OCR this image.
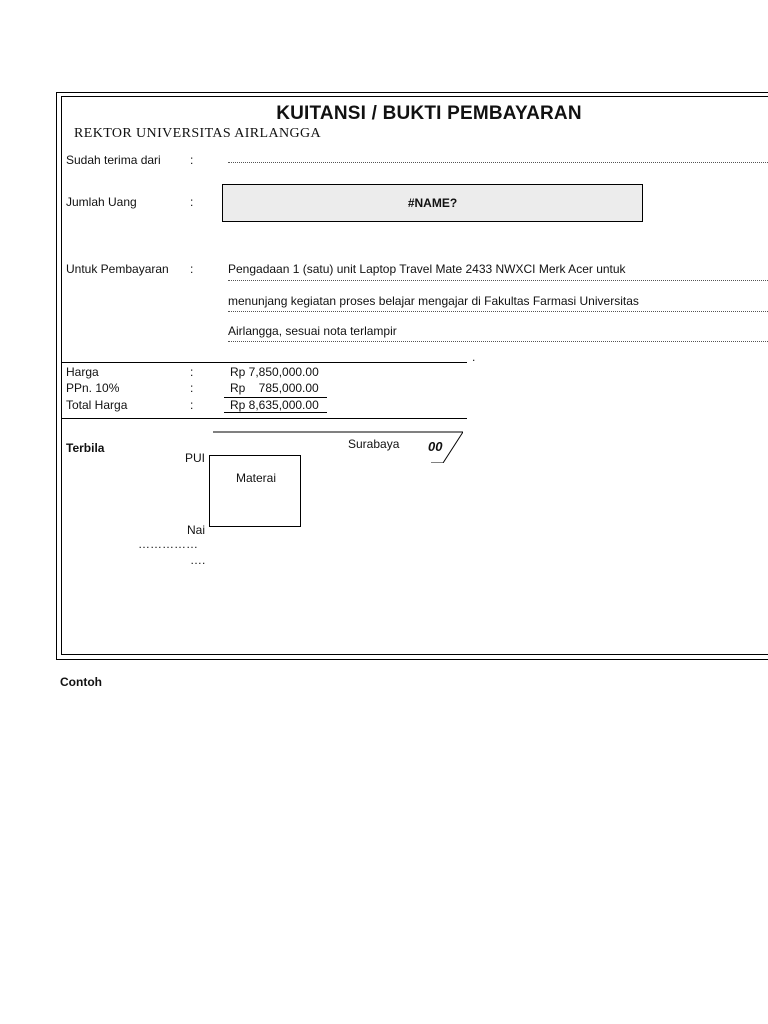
KUITANSI / BUKTI PEMBAYARAN
REKTOR UNIVERSITAS AIRLANGGA
Sudah terima dari :
Jumlah Uang	:	#NAME?
Untuk Pembayaran :	Pengadaan 1 (satu) unit Laptop Travel Mate 2433 NWXCI Merk Acer untuk
menunjang kegiatan proses belajar mengajar di Fakultas Farmasi Universitas
Airlangga, sesuai nota terlampir
.
Harga	:	Rp 7,850,000.00
PPn. 10%	:	Rp    785,000.00
Total Harga	:	Rp 8,635,000.00
Terbila	00
Surabaya
PUI
Nai
……………
….
Materai
Contoh
